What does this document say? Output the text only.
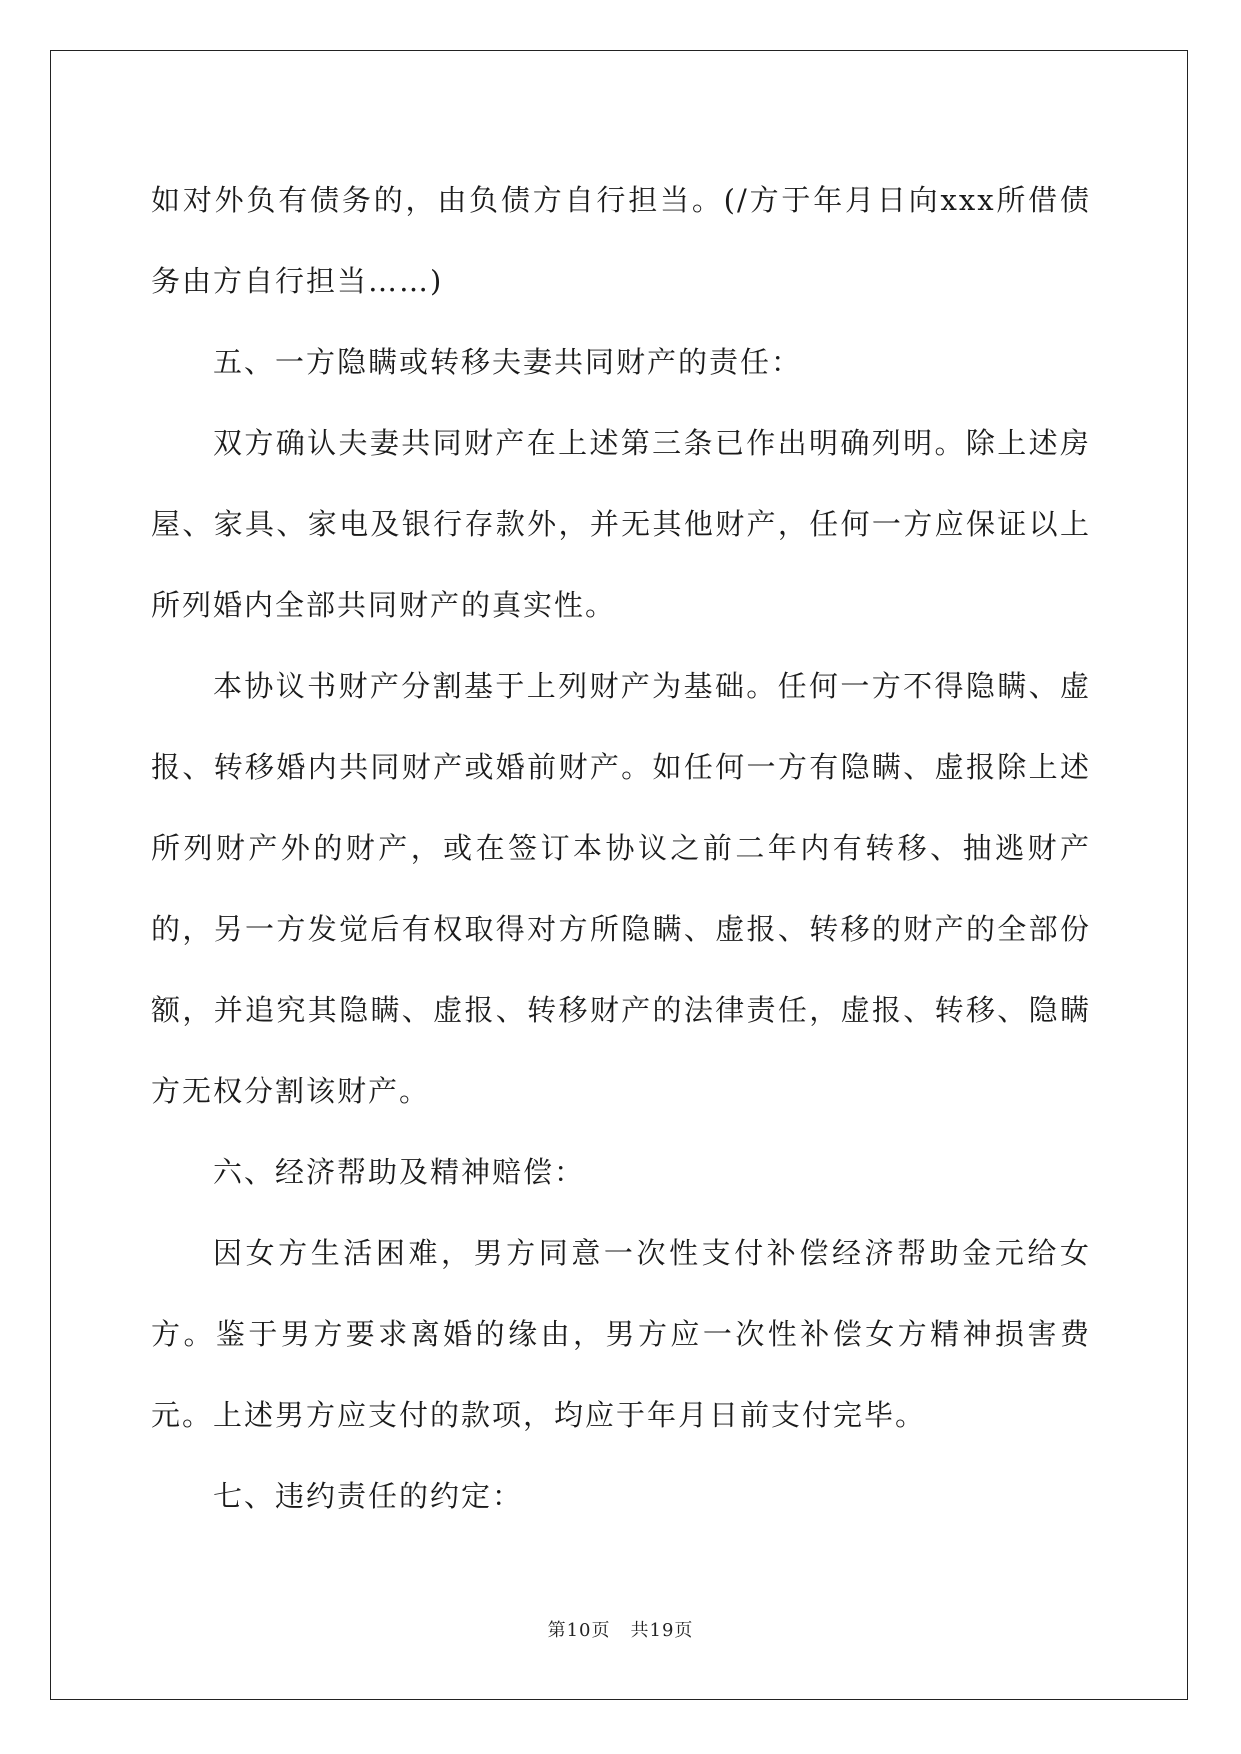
如对外负有债务的，由负债方自行担当。(/方于年月日向xxx所借债务由方自行担当……)

五、一方隐瞒或转移夫妻共同财产的责任：

双方确认夫妻共同财产在上述第三条已作出明确列明。除上述房屋、家具、家电及银行存款外，并无其他财产，任何一方应保证以上所列婚内全部共同财产的真实性。

本协议书财产分割基于上列财产为基础。任何一方不得隐瞒、虚报、转移婚内共同财产或婚前财产。如任何一方有隐瞒、虚报除上述所列财产外的财产，或在签订本协议之前二年内有转移、抽逃财产的，另一方发觉后有权取得对方所隐瞒、虚报、转移的财产的全部份额，并追究其隐瞒、虚报、转移财产的法律责任，虚报、转移、隐瞒方无权分割该财产。

六、经济帮助及精神赔偿：

因女方生活困难，男方同意一次性支付补偿经济帮助金元给女方。鉴于男方要求离婚的缘由，男方应一次性补偿女方精神损害费元。上述男方应支付的款项，均应于年月日前支付完毕。

七、违约责任的约定：

第10页 共19页
